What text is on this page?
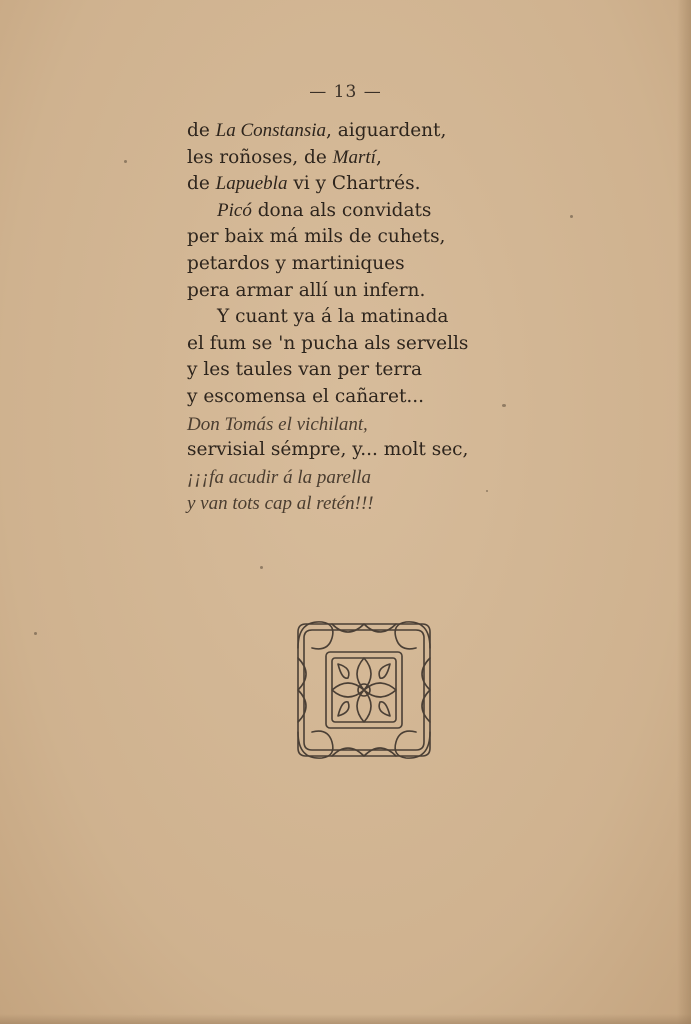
— 13 —
de La Constansia, aiguardent,
les roñoses, de Martí,
de Lapuebla vi y Chartrés.
Picó dona als convidats
per baix má mils de cuhets,
petardos y martiniques
pera armar allí un infern.
Y cuant ya á la matinada
el fum se 'n pucha als servells
y les taules van per terra
y escomensa el cañaret...
Don Tomás el vichilant,
servisial sémpre, y... molt sec,
¡¡¡fa acudir á la parella
y van tots cap al retén!!!
